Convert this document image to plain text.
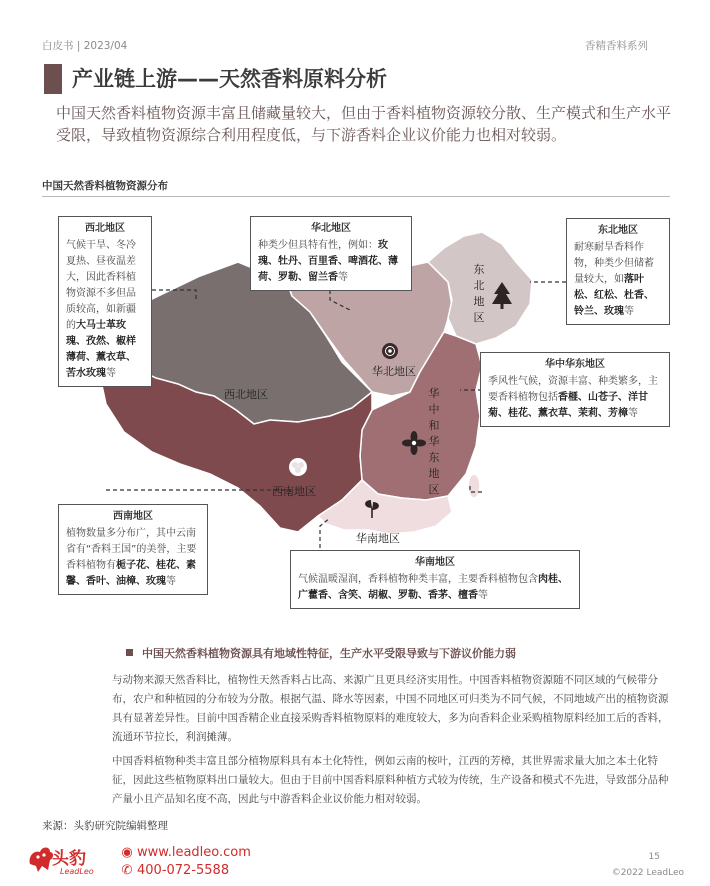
白皮书 | 2023/04	香精香料系列
产业链上游——天然香料原料分析
中国天然香料植物资源丰富且储藏量较大，但由于香料植物资源较分散、生产模式和生产水平受限，导致植物资源综合利用程度低，与下游香料企业议价能力也相对较弱。
中国天然香料植物资源分布
西北地区
华北地区
东北地区
华中和华东地区
西南地区
华南地区
西北地区
气候干旱、冬冷夏热、昼夜温差大，因此香料植物资源不多但品质较高，如新疆的大马士革玫瑰、孜然、椒样薄荷、薰衣草、苦水玫瑰等
华北地区
种类少但具特有性，例如：玫瑰、牡丹、百里香、啤酒花、薄荷、罗勒、留兰香等
东北地区
耐寒耐旱香料作物，种类少但储蓄量较大，如落叶松、红松、杜香、铃兰、玫瑰等
华中华东地区
季风性气候，资源丰富、种类繁多，主要香料植物包括香榧、山苍子、洋甘菊、桂花、薰衣草、茉莉、芳樟等
西南地区
植物数量多分布广，其中云南省有“香料王国”的美誉，主要香料植物有栀子花、桂花、素馨、香叶、油樟、玫瑰等
华南地区
气候温暖湿润，香料植物种类丰富，主要香料植物包含肉桂、广藿香、含笑、胡椒、罗勒、香茅、檀香等
中国天然香料植物资源具有地域性特征，生产水平受限导致与下游议价能力弱
与动物来源天然香料比，植物性天然香料占比高、来源广且更具经济实用性。中国香料植物资源随不同区域的气候带分布，农户和种植园的分布较为分散。根据气温、降水等因素，中国不同地区可归类为不同气候，不同地域产出的植物资源具有显著差异性。目前中国香精企业直接采购香料植物原料的难度较大，多为向香料企业采购植物原料经加工后的香料，流通环节拉长，利润摊薄。
中国香料植物种类丰富且部分植物原料具有本土化特性，例如云南的桉叶，江西的芳樟，其世界需求量大加之本土化特征，因此这些植物原料出口量较大。但由于目前中国香料原料种植方式较为传统，生产设备和模式不先进，导致部分品种产量小且产品知名度不高，因此与中游香料企业议价能力相对较弱。
来源：头豹研究院编辑整理
头豹
LeadLeo
◉ www.leadleo.com
✆ 400-072-5588
15
©2022 LeadLeo
